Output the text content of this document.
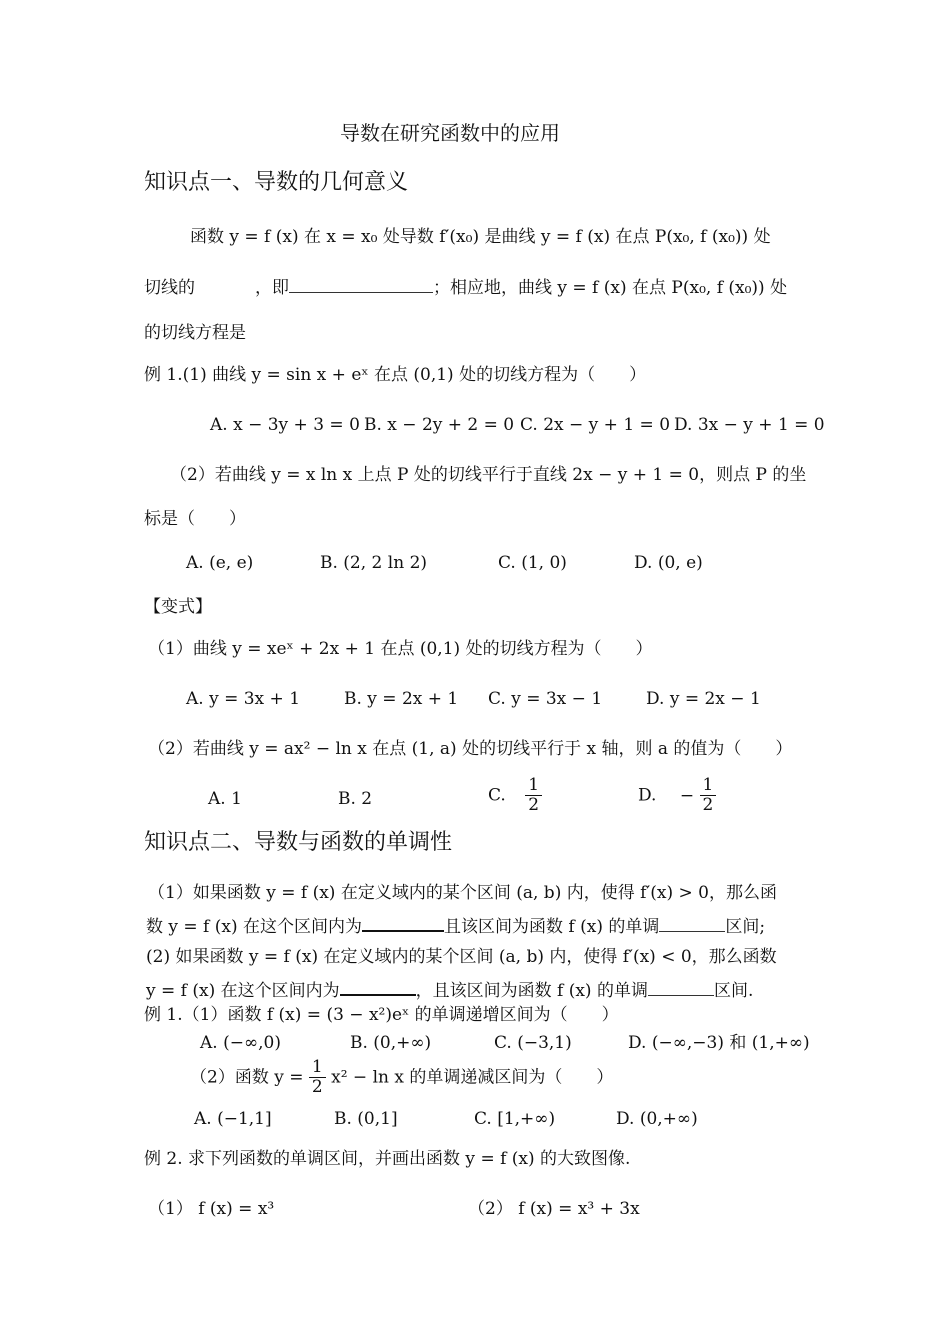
导数在研究函数中的应用
知识点一、导数的几何意义
函数 y = f (x) 在 x = x₀ 处导数 f′(x₀) 是曲线 y = f (x) 在点 P(x₀, f (x₀)) 处
切线的	，即	；相应地，曲线 y = f (x) 在点 P(x₀, f (x₀)) 处
的切线方程是
例 1.(1) 曲线 y = sin x + eˣ 在点 (0,1) 处的切线方程为（　　）
A. x − 3y + 3 = 0 B. x − 2y + 2 = 0 C. 2x − y + 1 = 0 D. 3x − y + 1 = 0
（2）若曲线 y = x ln x 上点 P 处的切线平行于直线 2x − y + 1 = 0，则点 P 的坐
标是（　　）
A. (e, e)	B. (2, 2 ln 2)	C. (1, 0)	D. (0, e)
【变式】
（1）曲线 y = xeˣ + 2x + 1 在点 (0,1) 处的切线方程为（　　）
A. y = 3x + 1	B. y = 2x + 1 C. y = 3x − 1	D. y = 2x − 1
（2）若曲线 y = ax² − ln x 在点 (1, a) 处的切线平行于 x 轴，则 a 的值为（　　）
A. 1	B. 2	C. $\frac{1}{2}$	D. − $\frac{1}{2}$
知识点二、导数与函数的单调性
（1）如果函数 y = f (x) 在定义域内的某个区间 (a, b) 内，使得 f′(x) > 0，那么函
数 y = f (x) 在这个区间内为	且该区间为函数 f (x) 的单调	区间;
(2) 如果函数 y = f (x) 在定义域内的某个区间 (a, b) 内，使得 f′(x) < 0，那么函数
y = f (x) 在这个区间内为	，且该区间为函数 f (x) 的单调	区间.
例 1.（1）函数 f (x) = (3 − x²)eˣ 的单调递增区间为（　　）
A. (−∞,0)	B. (0,+∞)	C. (−3,1)	D. (−∞,−3) 和 (1,+∞)
（2）函数 $y = \frac{1}{2} x^2 - \ln x$ 的单调递减区间为（　　）
A. (−1,1]	B. (0,1]	C. [1,+∞)	D. (0,+∞)
例 2. 求下列函数的单调区间，并画出函数 y = f (x) 的大致图像.
（1） f (x) = x³	（2） f (x) = x³ + 3x
